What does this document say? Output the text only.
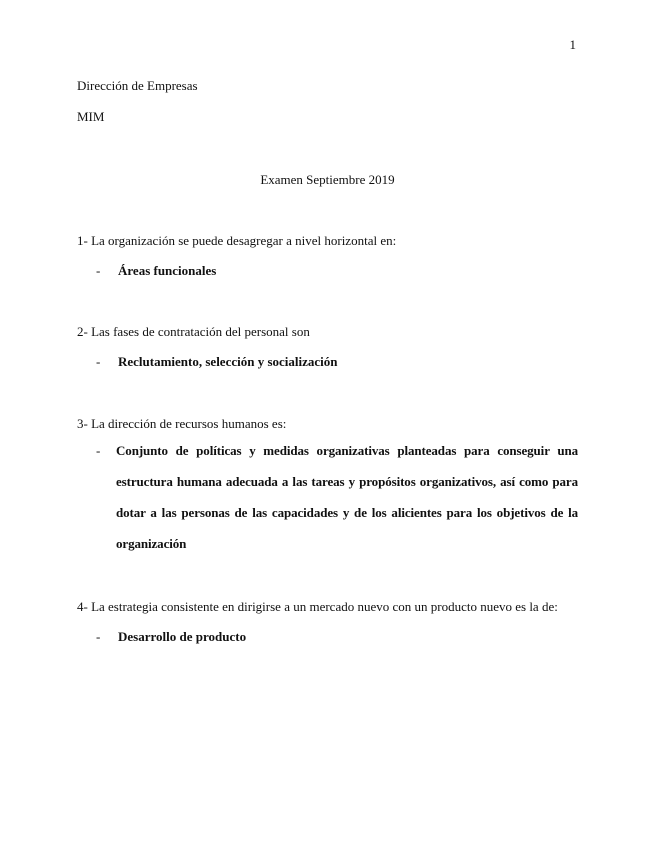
1
Dirección de Empresas
MIM
Examen Septiembre 2019
1- La organización se puede desagregar a nivel horizontal en:
-	Áreas funcionales
2- Las fases de contratación del personal son
-	Reclutamiento, selección y socialización
3- La dirección de recursos humanos es:
-	Conjunto de políticas y medidas organizativas planteadas para conseguir una estructura humana adecuada a las tareas y propósitos organizativos, así como para dotar a las personas de las capacidades y de los alicientes para los objetivos de la organización
4- La estrategia consistente en dirigirse a un mercado nuevo con un producto nuevo es la de:
-	Desarrollo de producto
